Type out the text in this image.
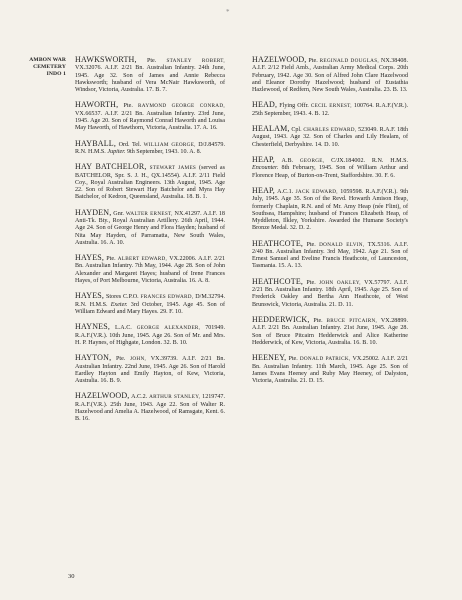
*
AMBON WAR
CEMETERY
INDO 1

HAWKSWORTH, Pte. STANLEY ROBERT, VX.32076. A.I.F. 2/21 Bn. Australian Infantry. 24th June, 1945. Age 32. Son of James and Annie Rebecca Hawksworth; husband of Vera McNair Hawksworth, of Windsor, Victoria, Australia. 17. B. 7.

HAWORTH, Pte. RAYMOND GEORGE CONRAD, VX.66537. A.I.F. 2/21 Bn. Australian Infantry. 23rd June, 1945. Age 20. Son of Raymond Conrad Haworth and Louisa May Haworth, of Hawthorn, Victoria, Australia. 17. A. 16.

HAYBALL, Ord. Tel. WILLIAM GEORGE, D/J.84579. R.N. H.M.S. Jupiter. 9th September, 1943. 10. A. 8.

HAY BATCHELOR, STEWART JAMES (served as BATCHELOR, Spr. S. J. H., QX.14554). A.I.F. 2/11 Field Coy., Royal Australian Engineers. 13th August, 1945. Age 22. Son of Robert Stewart Hay Batchelor and Myra Hay Batchelor, of Kedron, Queensland, Australia. 18. B. 1.

HAYDEN, Gnr. WALTER ERNEST, NX.41297. A.I.F. 18 Anti-Tk. Bty., Royal Australian Artillery. 26th April, 1944. Age 24. Son of George Henry and Flora Hayden; husband of Nita May Hayden, of Parramatta, New South Wales, Australia. 16. A. 10.

HAYES, Pte. ALBERT EDWARD, VX.22006. A.I.F. 2/21 Bn. Australian Infantry. 7th May, 1944. Age 28. Son of John Alexander and Margaret Hayes; husband of Irene Frances Hayes, of Port Melbourne, Victoria, Australia. 16. A. 8.

HAYES, Stores C.P.O. FRANCES EDWARD, D/M.32794. R.N. H.M.S. Exeter. 3rd October, 1945. Age 45. Son of William Edward and Mary Hayes. 29. F. 10.

HAYNES, L.A.C. GEORGE ALEXANDER, 701949. R.A.F.(V.R.). 10th June, 1945. Age 26. Son of Mr. and Mrs. H. P. Haynes, of Highgate, London. 32. B. 10.

HAYTON, Pte. JOHN, VX.39739. A.I.F. 2/21 Bn. Australian Infantry. 22nd June, 1945. Age 26. Son of Harold Eardley Hayton and Emily Hayton, of Kew, Victoria, Australia. 16. B. 9.

HAZELWOOD, A.C.2. ARTHUR STANLEY, 1219747. R.A.F.(V.R.). 25th June, 1943. Age 22. Son of Walter R. Hazelwood and Amelia A. Hazelwood, of Ramsgate, Kent. 6. B. 16.

HAZELWOOD, Pte. REGINALD DOUGLAS, NX.38408. A.I.F. 2/12 Field Amb., Australian Army Medical Corps. 20th February, 1942. Age 30. Son of Alfred John Clare Hazelwood and Eleanor Dorothy Hazelwood; husband of Eustathia Hazlewood, of Redfern, New South Wales, Australia. 23. B. 13.

HEAD, Flying Offr. CECIL ERNEST, 100764. R.A.F.(V.R.). 25th September, 1943. 4. B. 12.

HEALAM, Cpl. CHARLES EDWARD, 523049. R.A.F. 18th August, 1943. Age 32. Son of Charles and Lily Healam, of Chesterfield, Derbyshire. 14. D. 10.

HEAP, A.B. GEORGE, C/JX.184002. R.N. H.M.S. Encounter. 8th February, 1945. Son of William Arthur and Florence Heap, of Burton-on-Trent, Staffordshire. 30. F. 6.

HEAP, A.C.1. JACK EDWARD, 1059598. R.A.F.(V.R.). 9th July, 1945. Age 35. Son of the Revd. Howarth Amison Heap, formerly Chaplain, R.N. and of Mr. Amy Heap (née Flint), of Southsea, Hampshire; husband of Frances Elizabeth Heap, of Myddleton, Ilkley, Yorkshire. Awarded the Humane Society's Bronze Medal. 32. D. 2.

HEATHCOTE, Pte. DONALD ELVIN, TX.5316. A.I.F. 2/40 Bn. Australian Infantry. 3rd May, 1942. Age 21. Son of Ernest Samuel and Eveline Francis Heathcote, of Launceston, Tasmania. 15. A. 13.

HEATHCOTE, Pte. JOHN OAKLEY, VX.57797. A.I.F. 2/21 Bn. Australian Infantry. 18th April, 1945. Age 25. Son of Frederick Oakley and Bertha Ann Heathcote, of West Brunswick, Victoria, Australia. 21. D. 11.

HEDDERWICK, Pte. BRUCE PITCAIRN, VX.28899. A.I.F. 2/21 Bn. Australian Infantry. 21st June, 1945. Age 28. Son of Bruce Pitcairn Hedderwick and Alice Katherine Hedderwick, of Kew, Victoria, Australia. 16. B. 10.

HEENEY, Pte. DONALD PATRICK, VX.25002. A.I.F. 2/21 Bn. Australian Infantry. 11th March, 1945. Age 25. Son of James Evans Heeney and Ruby May Heeney, of Dalyston, Victoria, Australia. 21. D. 15.

30
